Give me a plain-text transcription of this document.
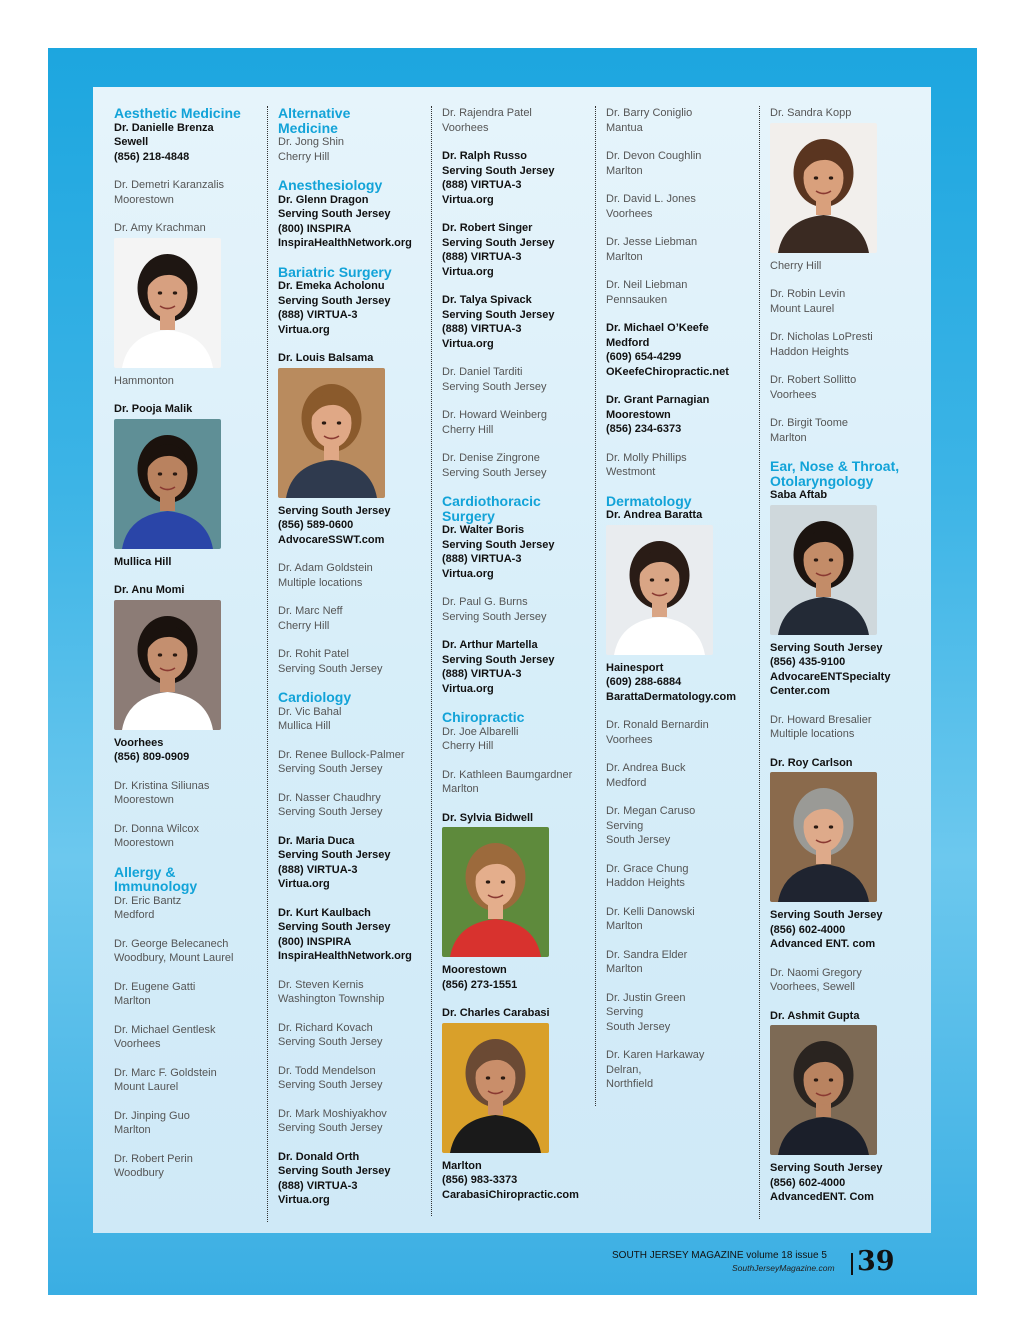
Aesthetic Medicine
Dr. Danielle Brenza
Sewell
(856) 218-4848
Dr. Demetri Karanzalis
Moorestown
Dr. Amy Krachman
Hammonton
Dr. Pooja Malik
Mullica Hill
Dr. Anu Momi
Voorhees
(856) 809-0909
Dr. Kristina Siliunas
Moorestown
Dr. Donna Wilcox
Moorestown
Allergy &
Immunology
Dr. Eric Bantz
Medford
Dr. George Belecanech
Woodbury, Mount Laurel
Dr. Eugene Gatti
Marlton
Dr. Michael Gentlesk
Voorhees
Dr. Marc F. Goldstein
Mount Laurel
Dr. Jinping Guo
Marlton
Dr. Robert Perin
Woodbury
Alternative
Medicine
Dr. Jong Shin
Cherry Hill
Anesthesiology
Dr. Glenn Dragon
Serving South Jersey
(800) INSPIRA
InspiraHealthNetwork.org
Bariatric Surgery
Dr. Emeka Acholonu
Serving South Jersey
(888) VIRTUA-3
Virtua.org
Dr. Louis Balsama
Serving South Jersey
(856) 589-0600
AdvocareSSWT.com
Dr. Adam Goldstein
Multiple locations
Dr. Marc Neff
Cherry Hill
Dr. Rohit Patel
Serving South Jersey
Cardiology
Dr. Vic Bahal
Mullica Hill
Dr. Renee Bullock-Palmer
Serving South Jersey
Dr. Nasser Chaudhry
Serving South Jersey
Dr. Maria Duca
Serving South Jersey
(888) VIRTUA-3
Virtua.org
Dr. Kurt Kaulbach
Serving South Jersey
(800) INSPIRA
InspiraHealthNetwork.org
Dr. Steven Kernis
Washington Township
Dr. Richard Kovach
Serving South Jersey
Dr. Todd Mendelson
Serving South Jersey
Dr. Mark Moshiyakhov
Serving South Jersey
Dr. Donald Orth
Serving South Jersey
(888) VIRTUA-3
Virtua.org
Dr. Rajendra Patel
Voorhees
Dr. Ralph Russo
Serving South Jersey
(888) VIRTUA-3
Virtua.org
Dr. Robert Singer
Serving South Jersey
(888) VIRTUA-3
Virtua.org
Dr. Talya Spivack
Serving South Jersey
(888) VIRTUA-3
Virtua.org
Dr. Daniel Tarditi
Serving South Jersey
Dr. Howard Weinberg
Cherry Hill
Dr. Denise Zingrone
Serving South Jersey
Cardiothoracic
Surgery
Dr. Walter Boris
Serving South Jersey
(888) VIRTUA-3
Virtua.org
Dr. Paul G. Burns
Serving South Jersey
Dr. Arthur Martella
Serving South Jersey
(888) VIRTUA-3
Virtua.org
Chiropractic
Dr. Joe Albarelli
Cherry Hill
Dr. Kathleen Baumgardner
Marlton
Dr. Sylvia Bidwell
Moorestown
(856) 273-1551
Dr. Charles Carabasi
Marlton
(856) 983-3373
CarabasiChiropractic.com
Dr. Barry Coniglio
Mantua
Dr. Devon Coughlin
Marlton
Dr. David L. Jones
Voorhees
Dr. Jesse Liebman
Marlton
Dr. Neil Liebman
Pennsauken
Dr. Michael O’Keefe
Medford
(609) 654-4299
OKeefeChiropractic.net
Dr. Grant Parnagian
Moorestown
(856) 234-6373
Dr. Molly Phillips
Westmont
Dermatology
Dr. Andrea Baratta
Hainesport
(609) 288-6884
BarattaDermatology.com
Dr. Ronald Bernardin
Voorhees
Dr. Andrea Buck
Medford
Dr. Megan Caruso
Serving
South Jersey
Dr. Grace Chung
Haddon Heights
Dr. Kelli Danowski
Marlton
Dr. Sandra Elder
Marlton
Dr. Justin Green
Serving
South Jersey
Dr. Karen Harkaway
Delran,
Northfield
Dr. Sandra Kopp
Cherry Hill
Dr. Robin Levin
Mount Laurel
Dr. Nicholas LoPresti
Haddon Heights
Dr. Robert Sollitto
Voorhees
Dr. Birgit Toome
Marlton
Ear, Nose & Throat,
Otolaryngology
Saba Aftab
Serving South Jersey
(856) 435-9100
AdvocareENTSpecialty
Center.com
Dr. Howard Bresalier
Multiple locations
Dr. Roy Carlson
Serving South Jersey
(856) 602-4000
Advanced ENT. com
Dr. Naomi Gregory
Voorhees, Sewell
Dr. Ashmit Gupta
Serving South Jersey
(856) 602-4000
AdvancedENT. Com
SOUTH JERSEY MAGAZINE volume 18 issue 5
SouthJerseyMagazine.com 39
